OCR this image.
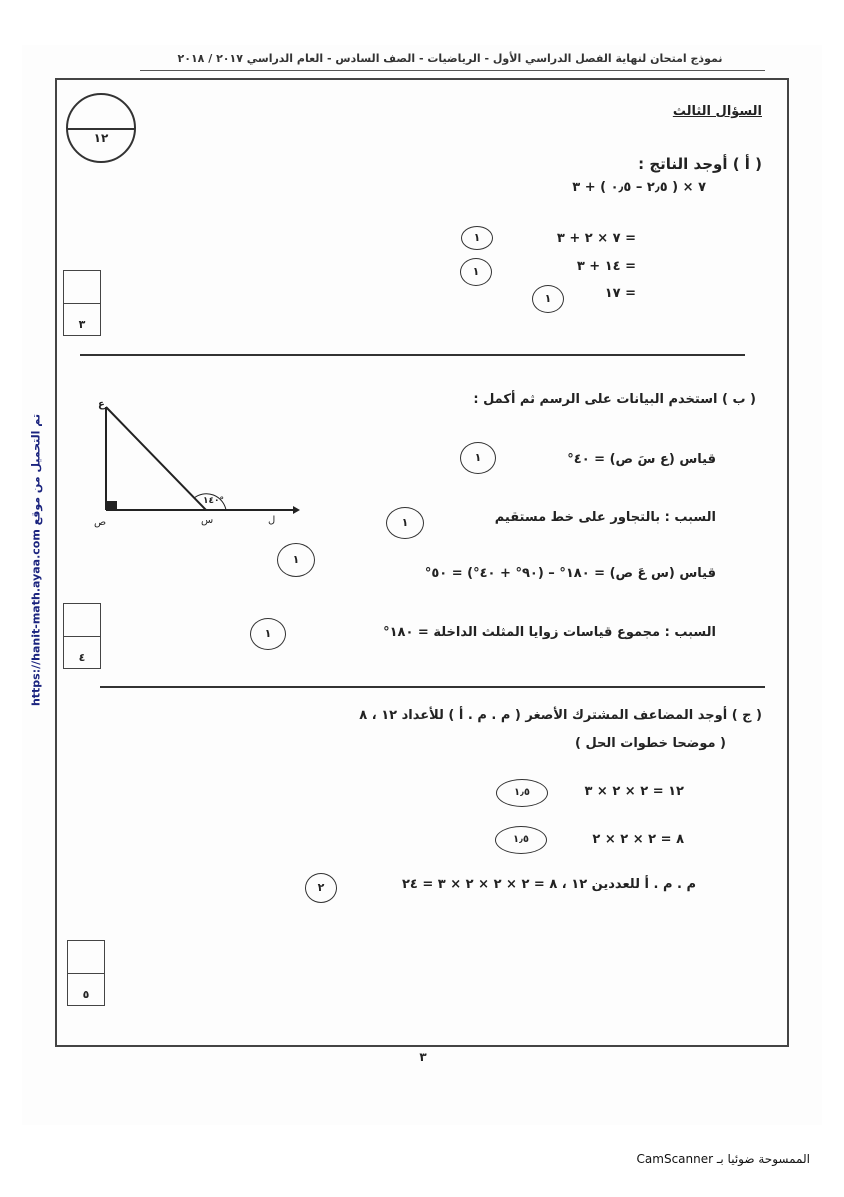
نموذج امتحان لنهاية الفصل الدراسي الأول - الرياضيات - الصف السادس - العام الدراسي ٢٠١٧ / ٢٠١٨
تم التحميل من موقع https://hanit-math.ayaa.com
١٢
السؤال الثالث
( أ ) أوجد الناتج :
٧ × ( ٢٫٥ – ٠٫٥ ) + ٣
= ٧ × ٢ + ٣
= ١٤ + ٣
= ١٧
١
١
١
٣
( ب ) استخدم البيانات على الرسم ثم أكمل :
ع
ص	س	ل
١٤٠°
قياس (ع سَ ص) = ٤٠°
السبب : بالتجاور على خط مستقيم
قياس (س عَ ص) = ١٨٠° – (٩٠° + ٤٠°) = ٥٠°
السبب : مجموع قياسات زوايا المثلث الداخلة = ١٨٠°
١
١
١
١
٤
( ج ) أوجد المضاعف المشترك الأصغر ( م . م . أ ) للأعداد ١٢ ، ٨
( موضحا خطوات الحل )
١٢ = ٢ × ٢ × ٣
٨ = ٢ × ٢ × ٢
م . م . أ للعددين ١٢ ، ٨ = ٢ × ٢ × ٢ × ٣ = ٢٤
١٫٥
١٫٥
٢
٥
٣
الممسوحة ضوئيا بـ CamScanner
